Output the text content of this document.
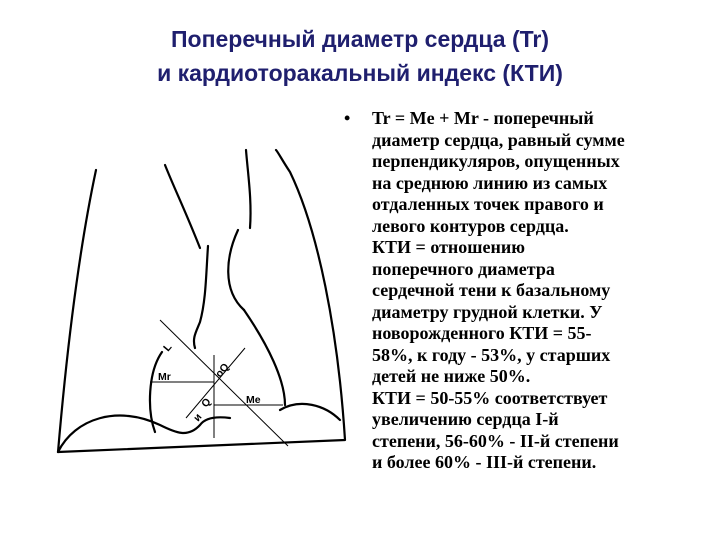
Поперечный диаметр сердца (Tr)
и кардиоторакальный индекс (КТИ)
L
Mr
Me
oQ
Q
и
• Tr = Me + Mr - поперечный

диаметр сердца, равный сумме

перпендикуляров, опущенных

на среднюю линию из самых

отдаленных точек правого и

левого контуров сердца.

КТИ = отношению

поперечного диаметра

сердечной тени к базальному

диаметру грудной клетки. У

новорожденного КТИ = 55-

58%, к году - 53%, у старших

детей не ниже 50%.

КТИ = 50-55% соответствует

увеличению сердца I-й

степени, 56-60% - II-й степени

и более 60% - III-й степени.
